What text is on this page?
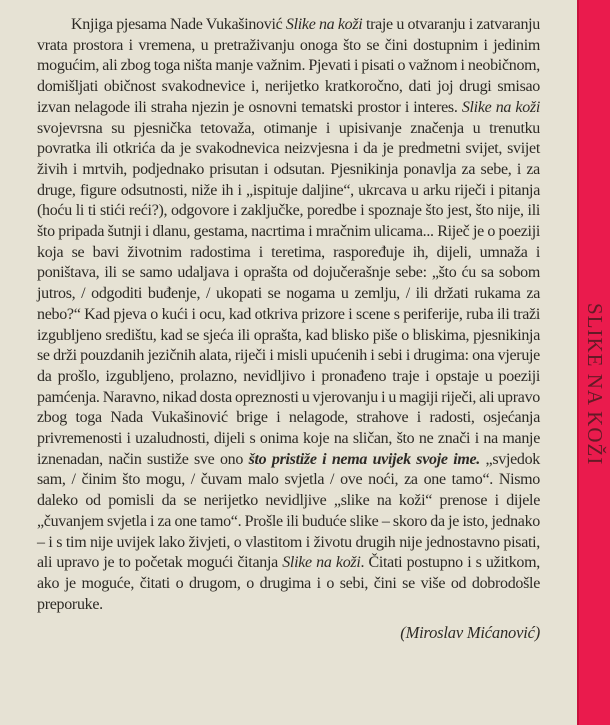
Knjiga pjesama Nade Vukašinović Slike na koži traje u otvaranju i zatvaranju vrata prostora i vremena, u pretraživanju onoga što se čini dostupnim i jedinim mogućim, ali zbog toga ništa manje važnim. Pjevati i pisati o važnom i neobičnom, domišljati običnost svakodnevice i, nerijetko kratkoročno, dati joj drugi smisao izvan nelagode ili straha njezin je osnovni tematski prostor i interes. Slike na koži svojevrsna su pjesnička tetovaža, otimanje i upisivanje značenja u trenutku povratka ili otkrića da je svakodnevica neizvjesna i da je predmetni svijet, svijet živih i mrtvih, podjednako prisutan i odsutan. Pjesnikinja ponavlja za sebe, i za druge, figure odsutnosti, niže ih i „ispituje daljine“, ukrcava u arku riječi i pitanja (hoću li ti stići reći?), odgovore i zaključke, poredbe i spoznaje što jest, što nije, ili što pripada šutnji i dlanu, gestama, nacrtima i mračnim ulicama... Riječ je o poeziji koja se bavi životnim radostima i teretima, raspoređuje ih, dijeli, umnaža i poništava, ili se samo udaljava i oprašta od dojučerašnje sebe: „što ću sa sobom jutros, / odgoditi buđenje, / ukopati se nogama u zemlju, / ili držati rukama za nebo?“ Kad pjeva o kući i ocu, kad otkriva prizore i scene s periferije, ruba ili traži izgubljeno središtu, kad se sjeća ili oprašta, kad blisko piše o bliskima, pjesnikinja se drži pouzdanih jezičnih alata, riječi i misli upućenih i sebi i drugima: ona vjeruje da prošlo, izgubljeno, prolazno, nevidljivo i pronađeno traje i opstaje u poeziji pamćenja. Naravno, nikad dosta opreznosti u vjerovanju i u magiji riječi, ali upravo zbog toga Nada Vukašinović brige i nelagode, strahove i radosti, osjećanja privremenosti i uzaludnosti, dijeli s onima koje na sličan, što ne znači i na manje iznenadan, način sustiže sve ono što pristiže i nema uvijek svoje ime. „svjedok sam, / činim što mogu, / čuvam malo svjetla / ove noći, za one tamo“. Nismo daleko od pomisli da se nerijetko nevidljive „slike na koži“ prenose i dijele „čuvanjem svjetla i za one tamo“. Prošle ili buduće slike – skoro da je isto, jednako – i s tim nije uvijek lako živjeti, o vlastitom i životu drugih nije jednostavno pisati, ali upravo je to početak mogući čitanja Slike na koži. Čitati postupno i s užitkom, ako je moguće, čitati o drugom, o drugima i o sebi, čini se više od dobrodošle preporuke.

(Miroslav Mićanović)

SLIKE NA KOŽI
